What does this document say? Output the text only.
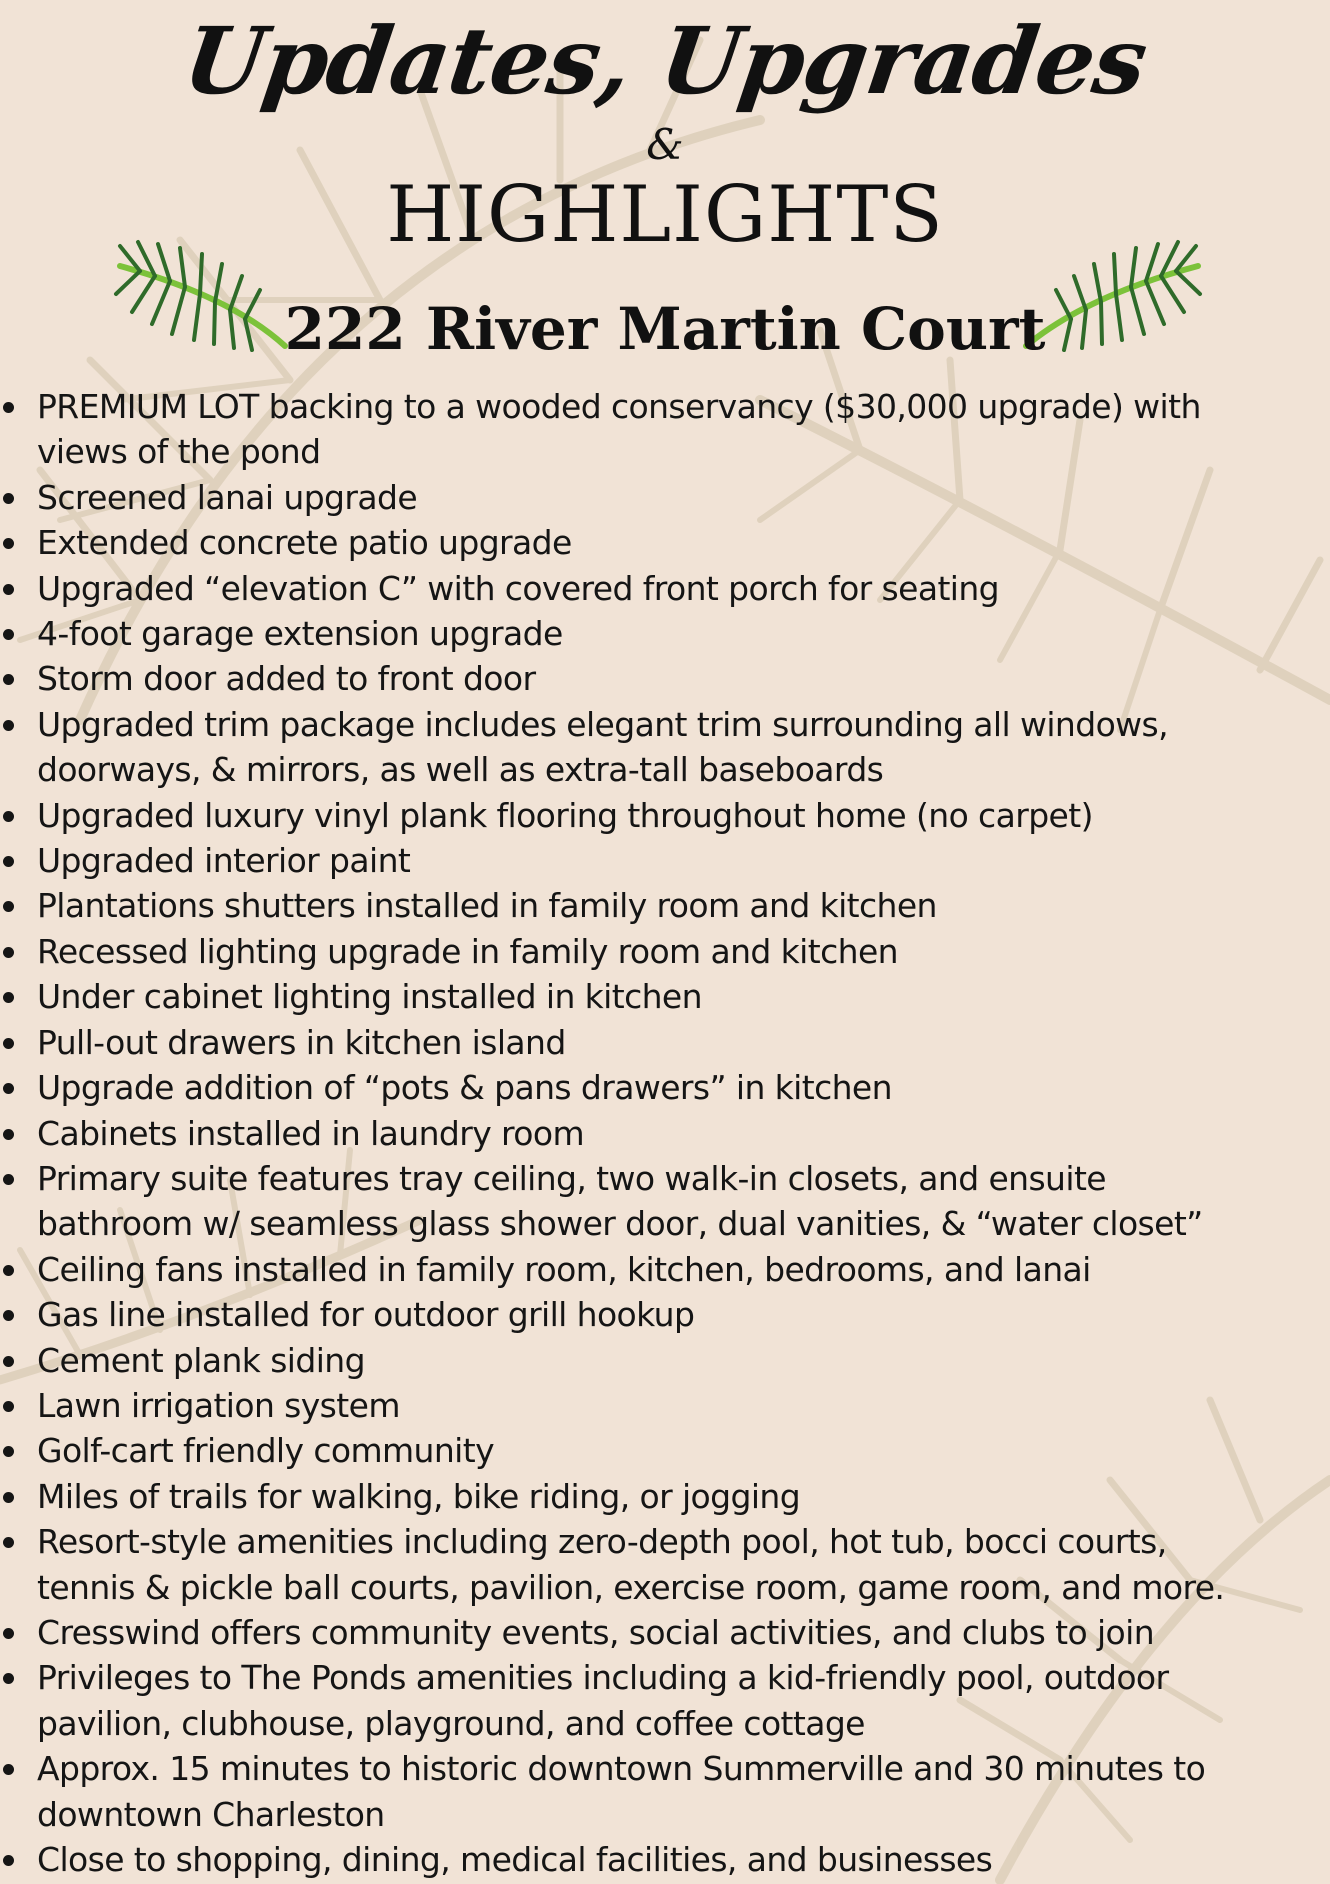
Updates, Upgrades
&
HIGHLIGHTS
222 River Martin Court
PREMIUM LOT backing to a wooded conservancy ($30,000 upgrade) with
views of the pond
Screened lanai upgrade
Extended concrete patio upgrade
Upgraded “elevation C” with covered front porch for seating
4-foot garage extension upgrade
Storm door added to front door
Upgraded trim package includes elegant trim surrounding all windows,
doorways, & mirrors, as well as extra-tall baseboards
Upgraded luxury vinyl plank flooring throughout home (no carpet)
Upgraded interior paint
Plantations shutters installed in family room and kitchen
Recessed lighting upgrade in family room and kitchen
Under cabinet lighting installed in kitchen
Pull-out drawers in kitchen island
Upgrade addition of “pots & pans drawers” in kitchen
Cabinets installed in laundry room
Primary suite features tray ceiling, two walk-in closets, and ensuite
bathroom w/ seamless glass shower door, dual vanities, & “water closet”
Ceiling fans installed in family room, kitchen, bedrooms, and lanai
Gas line installed for outdoor grill hookup
Cement plank siding
Lawn irrigation system
Golf-cart friendly community
Miles of trails for walking, bike riding, or jogging
Resort-style amenities including zero-depth pool, hot tub, bocci courts,
tennis & pickle ball courts, pavilion, exercise room, game room, and more.
Cresswind offers community events, social activities, and clubs to join
Privileges to The Ponds amenities including a kid-friendly pool, outdoor
pavilion, clubhouse, playground, and coffee cottage
Approx. 15 minutes to historic downtown Summerville and 30 minutes to
downtown Charleston
Close to shopping, dining, medical facilities, and businesses
